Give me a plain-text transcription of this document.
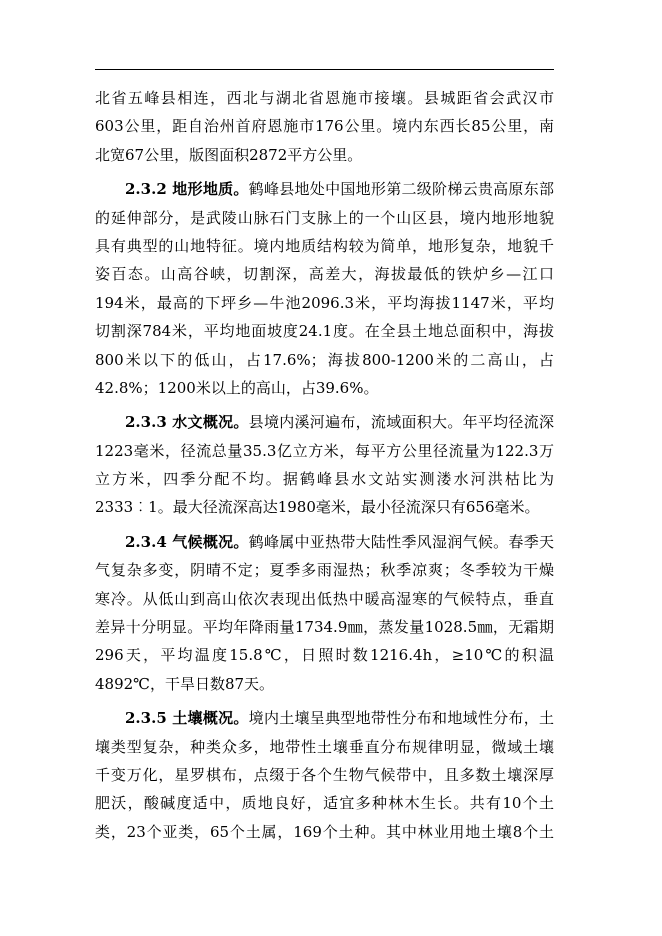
北省五峰县相连，西北与湖北省恩施市接壤。县城距省会武汉市
603公里，距自治州首府恩施市176公里。境内东西长85公里，南
北宽67公里，版图面积2872平方公里。
2.3.2 地形地质。鹤峰县地处中国地形第二级阶梯云贵高原东部
的延伸部分，是武陵山脉石门支脉上的一个山区县，境内地形地貌
具有典型的山地特征。境内地质结构较为简单，地形复杂，地貌千
姿百态。山高谷峡，切割深，高差大，海拔最低的铁炉乡—江口
194米，最高的下坪乡—牛池2096.3米，平均海拔1147米，平均
切割深784米，平均地面坡度24.1度。在全县土地总面积中，海拔
800米以下的低山，占17.6%；海拔800-1200米的二高山，占
42.8%；1200米以上的高山，占39.6%。
2.3.3 水文概况。县境内溪河遍布，流域面积大。年平均径流深
1223毫米，径流总量35.3亿立方米，每平方公里径流量为122.3万
立方米，四季分配不均。据鹤峰县水文站实测溇水河洪枯比为
2333︰1。最大径流深高达1980毫米，最小径流深只有656毫米。
2.3.4 气候概况。鹤峰属中亚热带大陆性季风湿润气候。春季天
气复杂多变，阴晴不定；夏季多雨湿热；秋季凉爽；冬季较为干燥
寒冷。从低山到高山依次表现出低热中暖高湿寒的气候特点，垂直
差异十分明显。平均年降雨量1734.9㎜，蒸发量1028.5㎜，无霜期
296天，平均温度15.8℃，日照时数1216.4h，≥10℃的积温
4892℃，干旱日数87天。
2.3.5 土壤概况。境内土壤呈典型地带性分布和地域性分布，土
壤类型复杂，种类众多，地带性土壤垂直分布规律明显，微域土壤
千变万化，星罗棋布，点缀于各个生物气候带中，且多数土壤深厚
肥沃，酸碱度适中，质地良好，适宜多种林木生长。共有10个土
类，23个亚类，65个土属，169个土种。其中林业用地土壤8个土
